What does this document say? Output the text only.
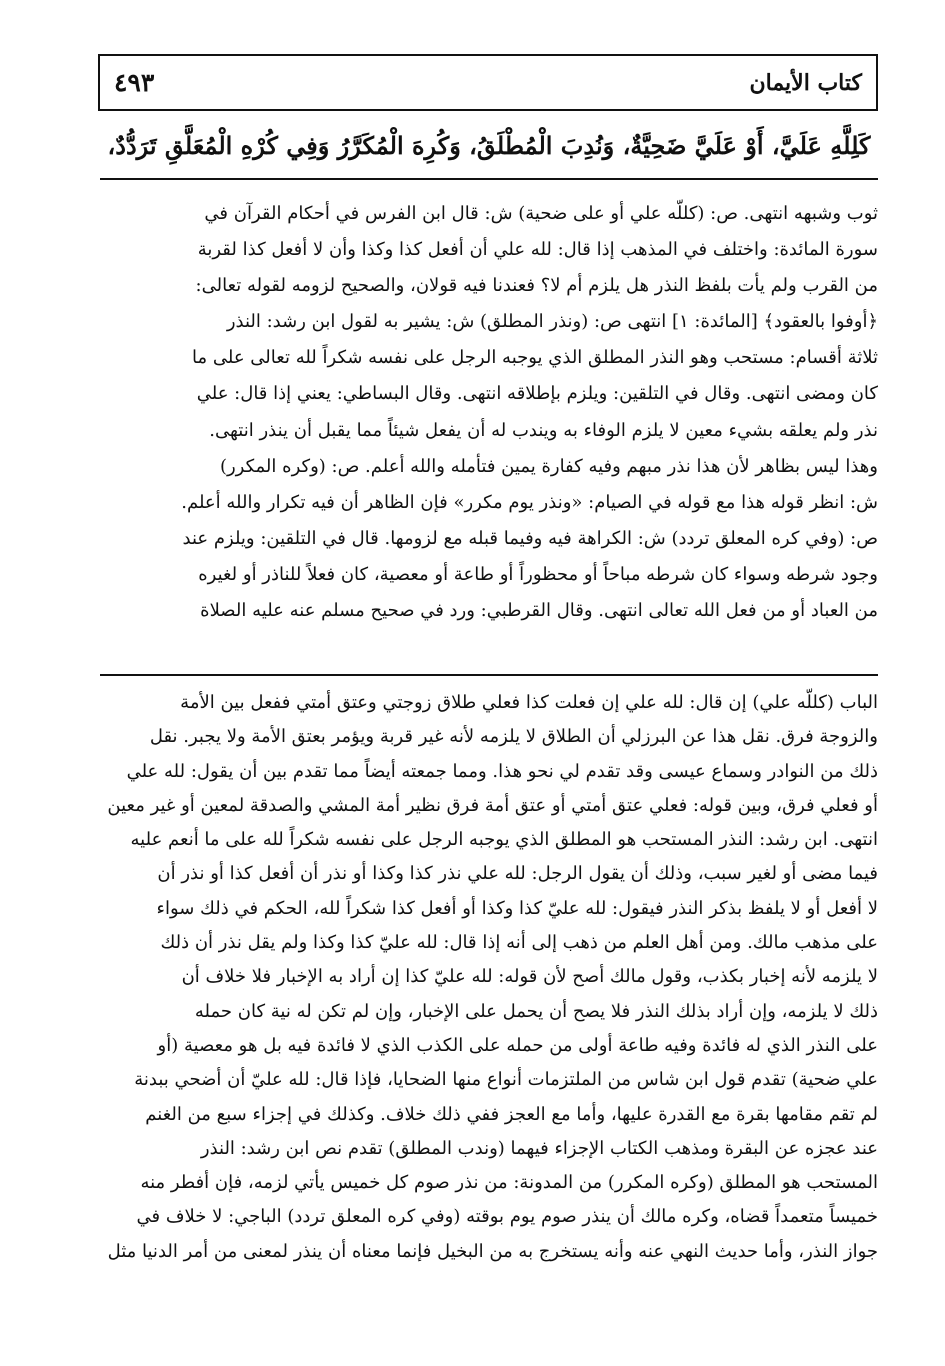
كتاب الأيمان
٤٩٣
كَلِلَّهِ عَلَيَّ، أَوْ عَلَيَّ ضَحِيَّةٌ، وَنُدِبَ الْمُطْلَقُ، وَكُرِهَ الْمُكَرَّرُ وَفِي كُرْهِ الْمُعَلَّقِ تَرَدُّدٌ،
ثوب وشبهه انتهى. ص: (كللّه علي أو على ضحية) ش: قال ابن الفرس في أحكام القرآن في
سورة المائدة: واختلف في المذهب إذا قال: لله علي أن أفعل كذا وكذا وأن لا أفعل كذا لقربة
من القرب ولم يأت بلفظ النذر هل يلزم أم لا؟ فعندنا فيه قولان، والصحيح لزومه لقوله تعالى:
﴿أوفوا بالعقود﴾ [المائدة: ١] انتهى ص: (ونذر المطلق) ش: يشير به لقول ابن رشد: النذر
ثلاثة أقسام: مستحب وهو النذر المطلق الذي يوجبه الرجل على نفسه شكراً لله تعالى على ما
كان ومضى انتهى. وقال في التلقين: ويلزم بإطلاقه انتهى. وقال البساطي: يعني إذا قال: علي
نذر ولم يعلقه بشيء معين لا يلزم الوفاء به ويندب له أن يفعل شيئاً مما يقبل أن ينذر انتهى.
وهذا ليس بظاهر لأن هذا نذر مبهم وفيه كفارة يمين فتأمله والله أعلم. ص: (وكره المكرر)
ش: انظر قوله هذا مع قوله في الصيام: «ونذر يوم مكرر» فإن الظاهر أن فيه تكرار والله أعلم.
ص: (وفي كره المعلق تردد) ش: الكراهة فيه وفيما قبله مع لزومها. قال في التلقين: ويلزم عند
وجود شرطه وسواء كان شرطه مباحاً أو محظوراً أو طاعة أو معصية، كان فعلاً للناذر أو لغيره
من العباد أو من فعل الله تعالى انتهى. وقال القرطبي: ورد في صحيح مسلم عنه عليه الصلاة
الباب (كللّه علي) إن قال: لله علي إن فعلت كذا فعلي طلاق زوجتي وعتق أمتي ففعل بين الأمة
والزوجة فرق. نقل هذا عن البرزلي أن الطلاق لا يلزمه لأنه غير قربة ويؤمر بعتق الأمة ولا يجبر. نقل
ذلك من النوادر وسماع عيسى وقد تقدم لي نحو هذا. ومما جمعته أيضاً مما تقدم بين أن يقول: لله علي
أو فعلي فرق، وبين قوله: فعلي عتق أمتي أو عتق أمة فرق نظير أمة المشي والصدقة لمعين أو غير معين
انتهى. ابن رشد: النذر المستحب هو المطلق الذي يوجبه الرجل على نفسه شكراً لله على ما أنعم عليه
فيما مضى أو لغير سبب، وذلك أن يقول الرجل: لله علي نذر كذا وكذا أو نذر أن أفعل كذا أو نذر أن
لا أفعل أو لا يلفظ بذكر النذر فيقول: لله عليّ كذا وكذا أو أفعل كذا شكراً لله، الحكم في ذلك سواء
على مذهب مالك. ومن أهل العلم من ذهب إلى أنه إذا قال: لله عليّ كذا وكذا ولم يقل نذر أن ذلك
لا يلزمه لأنه إخبار بكذب، وقول مالك أصح لأن قوله: لله عليّ كذا إن أراد به الإخبار فلا خلاف أن
ذلك لا يلزمه، وإن أراد بذلك النذر فلا يصح أن يحمل على الإخبار، وإن لم تكن له نية كان حمله
على النذر الذي له فائدة وفيه طاعة أولى من حمله على الكذب الذي لا فائدة فيه بل هو معصية (أو
علي ضحية) تقدم قول ابن شاس من الملتزمات أنواع منها الضحايا، فإذا قال: لله عليّ أن أضحي ببدنة
لم تقم مقامها بقرة مع القدرة عليها، وأما مع العجز ففي ذلك خلاف. وكذلك في إجزاء سبع من الغنم
عند عجزه عن البقرة ومذهب الكتاب الإجزاء فيهما (وندب المطلق) تقدم نص ابن رشد: النذر
المستحب هو المطلق (وكره المكرر) من المدونة: من نذر صوم كل خميس يأتي لزمه، فإن أفطر منه
خميساً متعمداً قضاه، وكره مالك أن ينذر صوم يوم بوقته (وفي كره المعلق تردد) الباجي: لا خلاف في
جواز النذر، وأما حديث النهي عنه وأنه يستخرج به من البخيل فإنما معناه أن ينذر لمعنى من أمر الدنيا مثل
